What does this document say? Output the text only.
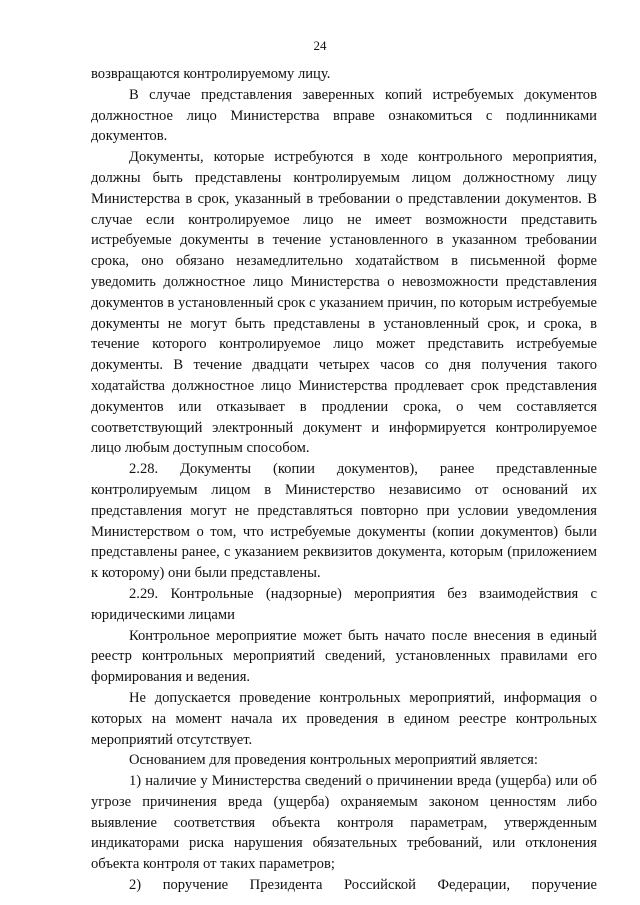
24

возвращаются контролируемому лицу.

В случае представления заверенных копий истребуемых документов должностное лицо Министерства вправе ознакомиться с подлинниками документов.

Документы, которые истребуются в ходе контрольного мероприятия, должны быть представлены контролируемым лицом должностному лицу Министерства в срок, указанный в требовании о представлении документов. В случае если контролируемое лицо не имеет возможности представить истребуемые документы в течение установленного в указанном требовании срока, оно обязано незамедлительно ходатайством в письменной форме уведомить должностное лицо Министерства о невозможности представления документов в установленный срок с указанием причин, по которым истребуемые документы не могут быть представлены в установленный срок, и срока, в течение которого контролируемое лицо может представить истребуемые документы. В течение двадцати четырех часов со дня получения такого ходатайства должностное лицо Министерства продлевает срок представления документов или отказывает в продлении срока, о чем составляется соответствующий электронный документ и информируется контролируемое лицо любым доступным способом.

2.28. Документы (копии документов), ранее представленные контролируемым лицом в Министерство независимо от оснований их представления могут не представляться повторно при условии уведомления Министерством о том, что истребуемые документы (копии документов) были представлены ранее, с указанием реквизитов документа, которым (приложением к которому) они были представлены.

2.29. Контрольные (надзорные) мероприятия без взаимодействия с юридическими лицами

Контрольное мероприятие может быть начато после внесения в единый реестр контрольных мероприятий сведений, установленных правилами его формирования и ведения.

Не допускается проведение контрольных мероприятий, информация о которых на момент начала их проведения в едином реестре контрольных мероприятий отсутствует.

Основанием для проведения контрольных мероприятий является:

1) наличие у Министерства сведений о причинении вреда (ущерба) или об угрозе причинения вреда (ущерба) охраняемым законом ценностям либо выявление соответствия объекта контроля параметрам, утвержденным индикаторами риска нарушения обязательных требований, или отклонения объекта контроля от таких параметров;

2) поручение Президента Российской Федерации, поручение
